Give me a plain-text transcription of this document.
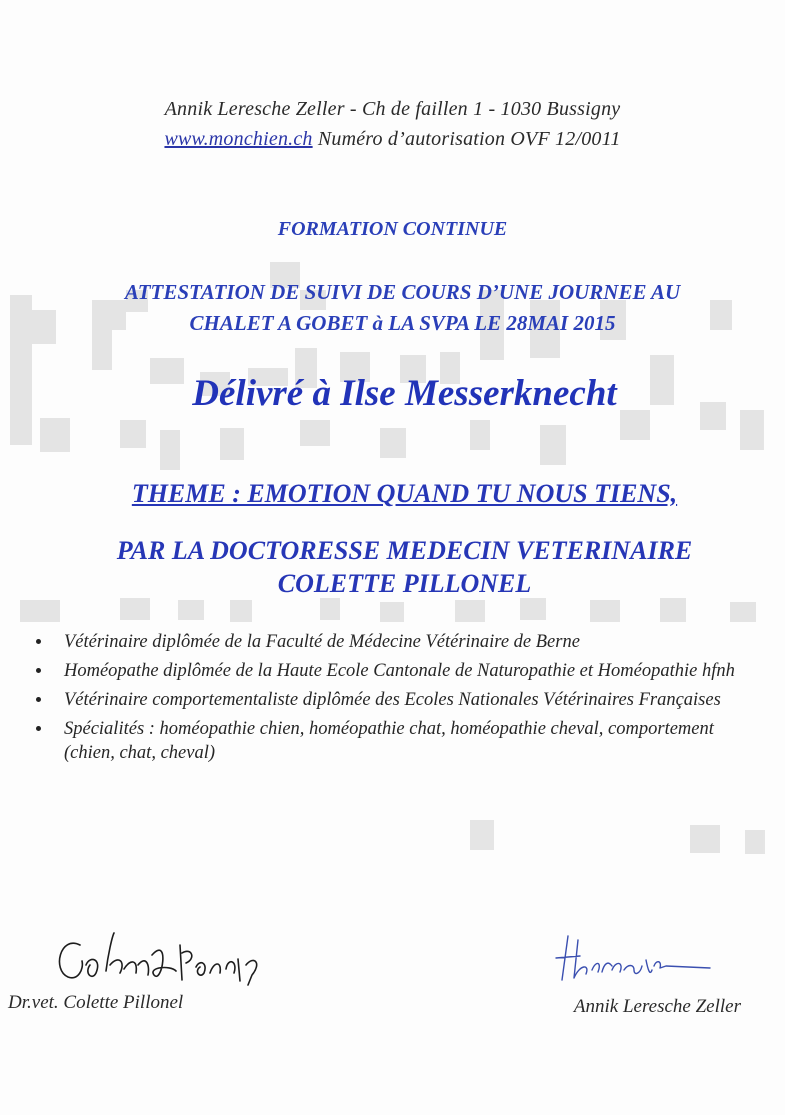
Annik Leresche Zeller - Ch de faillen 1 - 1030 Bussigny
www.monchien.ch Numéro d’autorisation OVF 12/0011
FORMATION CONTINUE
ATTESTATION DE SUIVI DE COURS D’UNE JOURNEE AU
CHALET A GOBET à LA SVPA LE 28MAI 2015
Délivré à Ilse Messerknecht
THEME : EMOTION QUAND TU NOUS TIENS,
PAR LA DOCTORESSE MEDECIN VETERINAIRE
COLETTE PILLONEL
Vétérinaire diplômée de la Faculté de Médecine Vétérinaire de Berne
Homéopathe diplômée de la Haute Ecole Cantonale de Naturopathie et Homéopathie hfnh
Vétérinaire comportementaliste diplômée des Ecoles Nationales Vétérinaires Françaises
Spécialités : homéopathie chien, homéopathie chat, homéopathie cheval, comportement (chien, chat, cheval)
Dr.vet. Colette Pillonel	Annik Leresche Zeller
